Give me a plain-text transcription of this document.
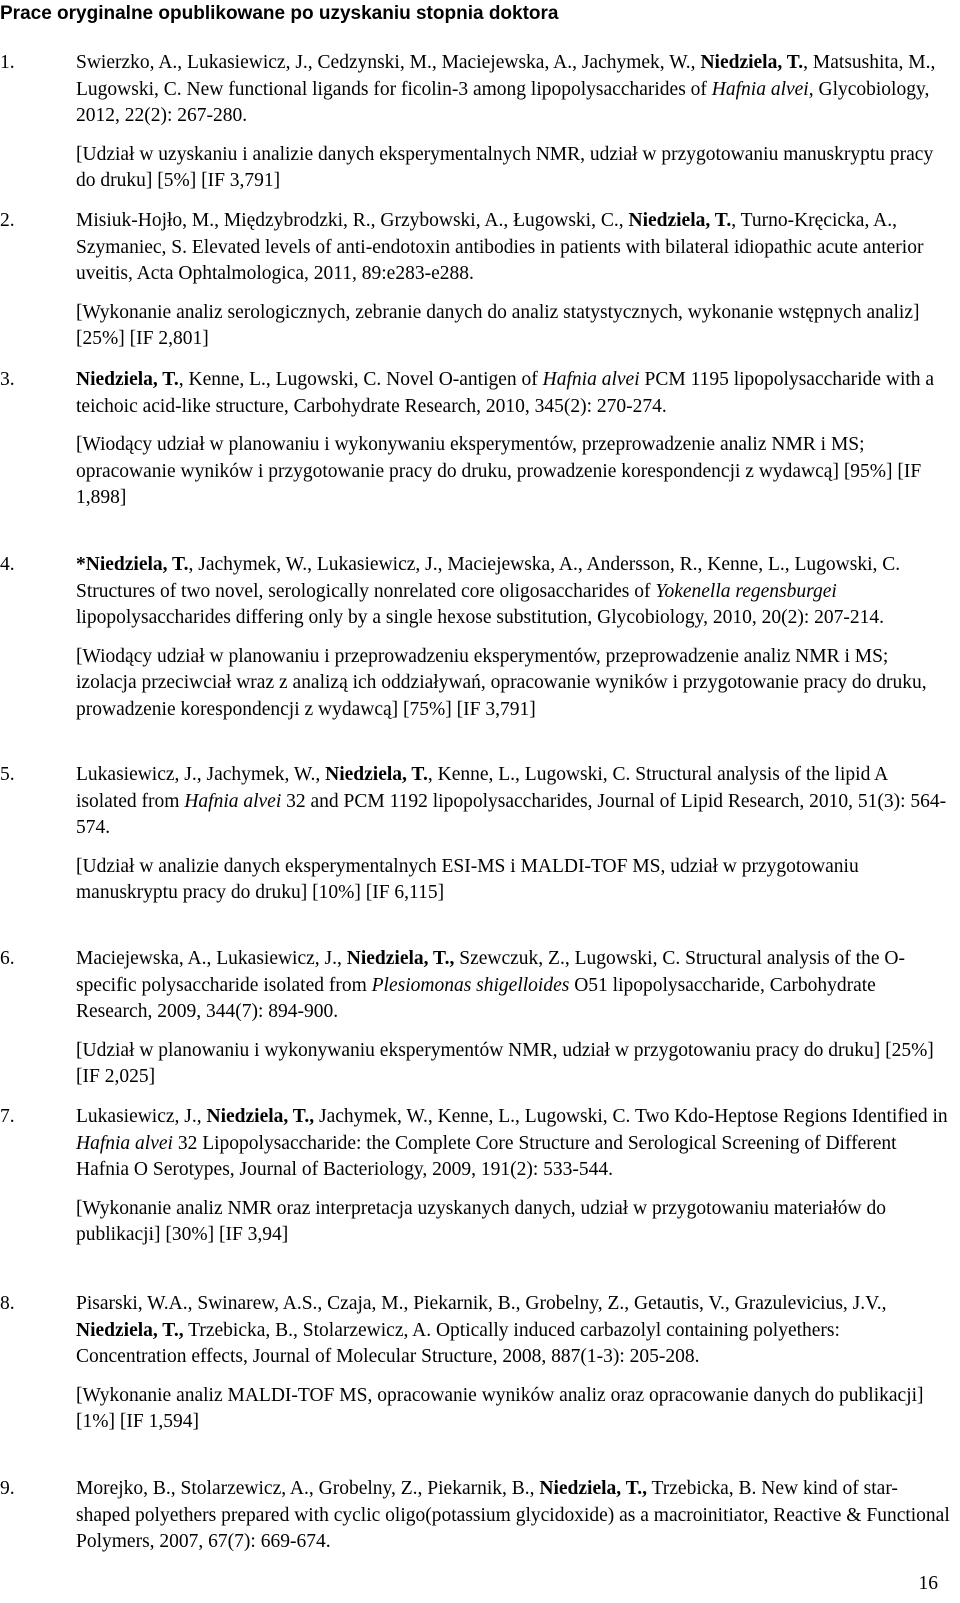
Prace oryginalne opublikowane po uzyskaniu stopnia doktora
1.	Swierzko, A., Lukasiewicz, J., Cedzynski, M., Maciejewska, A., Jachymek, W., Niedziela, T., Matsushita, M., Lugowski, C. New functional ligands for ficolin-3 among lipopolysaccharides of Hafnia alvei, Glycobiology, 2012, 22(2): 267-280.
[Udział w uzyskaniu i analizie danych eksperymentalnych NMR, udział w przygotowaniu manuskryptu pracy do druku] [5%] [IF 3,791]
2.	Misiuk-Hojło, M., Międzybrodzki, R., Grzybowski, A., Ługowski, C., Niedziela, T., Turno-Kręcicka, A., Szymaniec, S. Elevated levels of anti-endotoxin antibodies in patients with bilateral idiopathic acute anterior uveitis, Acta Ophtalmologica, 2011, 89:e283-e288.
[Wykonanie analiz serologicznych, zebranie danych do analiz statystycznych, wykonanie wstępnych analiz] [25%] [IF 2,801]
3.	Niedziela, T., Kenne, L., Lugowski, C. Novel O-antigen of Hafnia alvei PCM 1195 lipopolysaccharide with a teichoic acid-like structure, Carbohydrate Research, 2010, 345(2): 270-274.
[Wiodący udział w planowaniu i wykonywaniu eksperymentów, przeprowadzenie analiz NMR i MS; opracowanie wyników i przygotowanie pracy do druku, prowadzenie korespondencji z wydawcą] [95%] [IF 1,898]
4.	*Niedziela, T., Jachymek, W., Lukasiewicz, J., Maciejewska, A., Andersson, R., Kenne, L., Lugowski, C. Structures of two novel, serologically nonrelated core oligosaccharides of Yokenella regensburgei lipopolysaccharides differing only by a single hexose substitution, Glycobiology, 2010, 20(2): 207-214.
[Wiodący udział w planowaniu i przeprowadzeniu eksperymentów, przeprowadzenie analiz NMR i MS; izolacja przeciwciał wraz z analizą ich oddziaływań, opracowanie wyników i przygotowanie pracy do druku, prowadzenie korespondencji z wydawcą] [75%] [IF 3,791]
5.	Lukasiewicz, J., Jachymek, W., Niedziela, T., Kenne, L., Lugowski, C. Structural analysis of the lipid A isolated from Hafnia alvei 32 and PCM 1192 lipopolysaccharides, Journal of Lipid Research, 2010, 51(3): 564-574.
[Udział w analizie danych eksperymentalnych ESI-MS i MALDI-TOF MS, udział w przygotowaniu manuskryptu pracy do druku] [10%] [IF 6,115]
6.	Maciejewska, A., Lukasiewicz, J., Niedziela, T., Szewczuk, Z., Lugowski, C. Structural analysis of the O-specific polysaccharide isolated from Plesiomonas shigelloides O51 lipopolysaccharide, Carbohydrate Research, 2009, 344(7): 894-900.
[Udział w planowaniu i wykonywaniu eksperymentów NMR, udział w przygotowaniu pracy do druku] [25%] [IF 2,025]
7.	Lukasiewicz, J., Niedziela, T., Jachymek, W., Kenne, L., Lugowski, C. Two Kdo-Heptose Regions Identified in Hafnia alvei 32 Lipopolysaccharide: the Complete Core Structure and Serological Screening of Different Hafnia O Serotypes, Journal of Bacteriology, 2009, 191(2): 533-544.
[Wykonanie analiz NMR oraz interpretacja uzyskanych danych, udział w przygotowaniu materiałów do publikacji] [30%] [IF 3,94]
8.	Pisarski, W.A., Swinarew, A.S., Czaja, M., Piekarnik, B., Grobelny, Z., Getautis, V., Grazulevicius, J.V., Niedziela, T., Trzebicka, B., Stolarzewicz, A. Optically induced carbazolyl containing polyethers: Concentration effects, Journal of Molecular Structure, 2008, 887(1-3): 205-208.
[Wykonanie analiz MALDI-TOF MS, opracowanie wyników analiz oraz opracowanie danych do publikacji] [1%] [IF 1,594]
9.	Morejko, B., Stolarzewicz, A., Grobelny, Z., Piekarnik, B., Niedziela, T., Trzebicka, B. New kind of star-shaped polyethers prepared with cyclic oligo(potassium glycidoxide) as a macroinitiator, Reactive & Functional Polymers, 2007, 67(7): 669-674.
16
